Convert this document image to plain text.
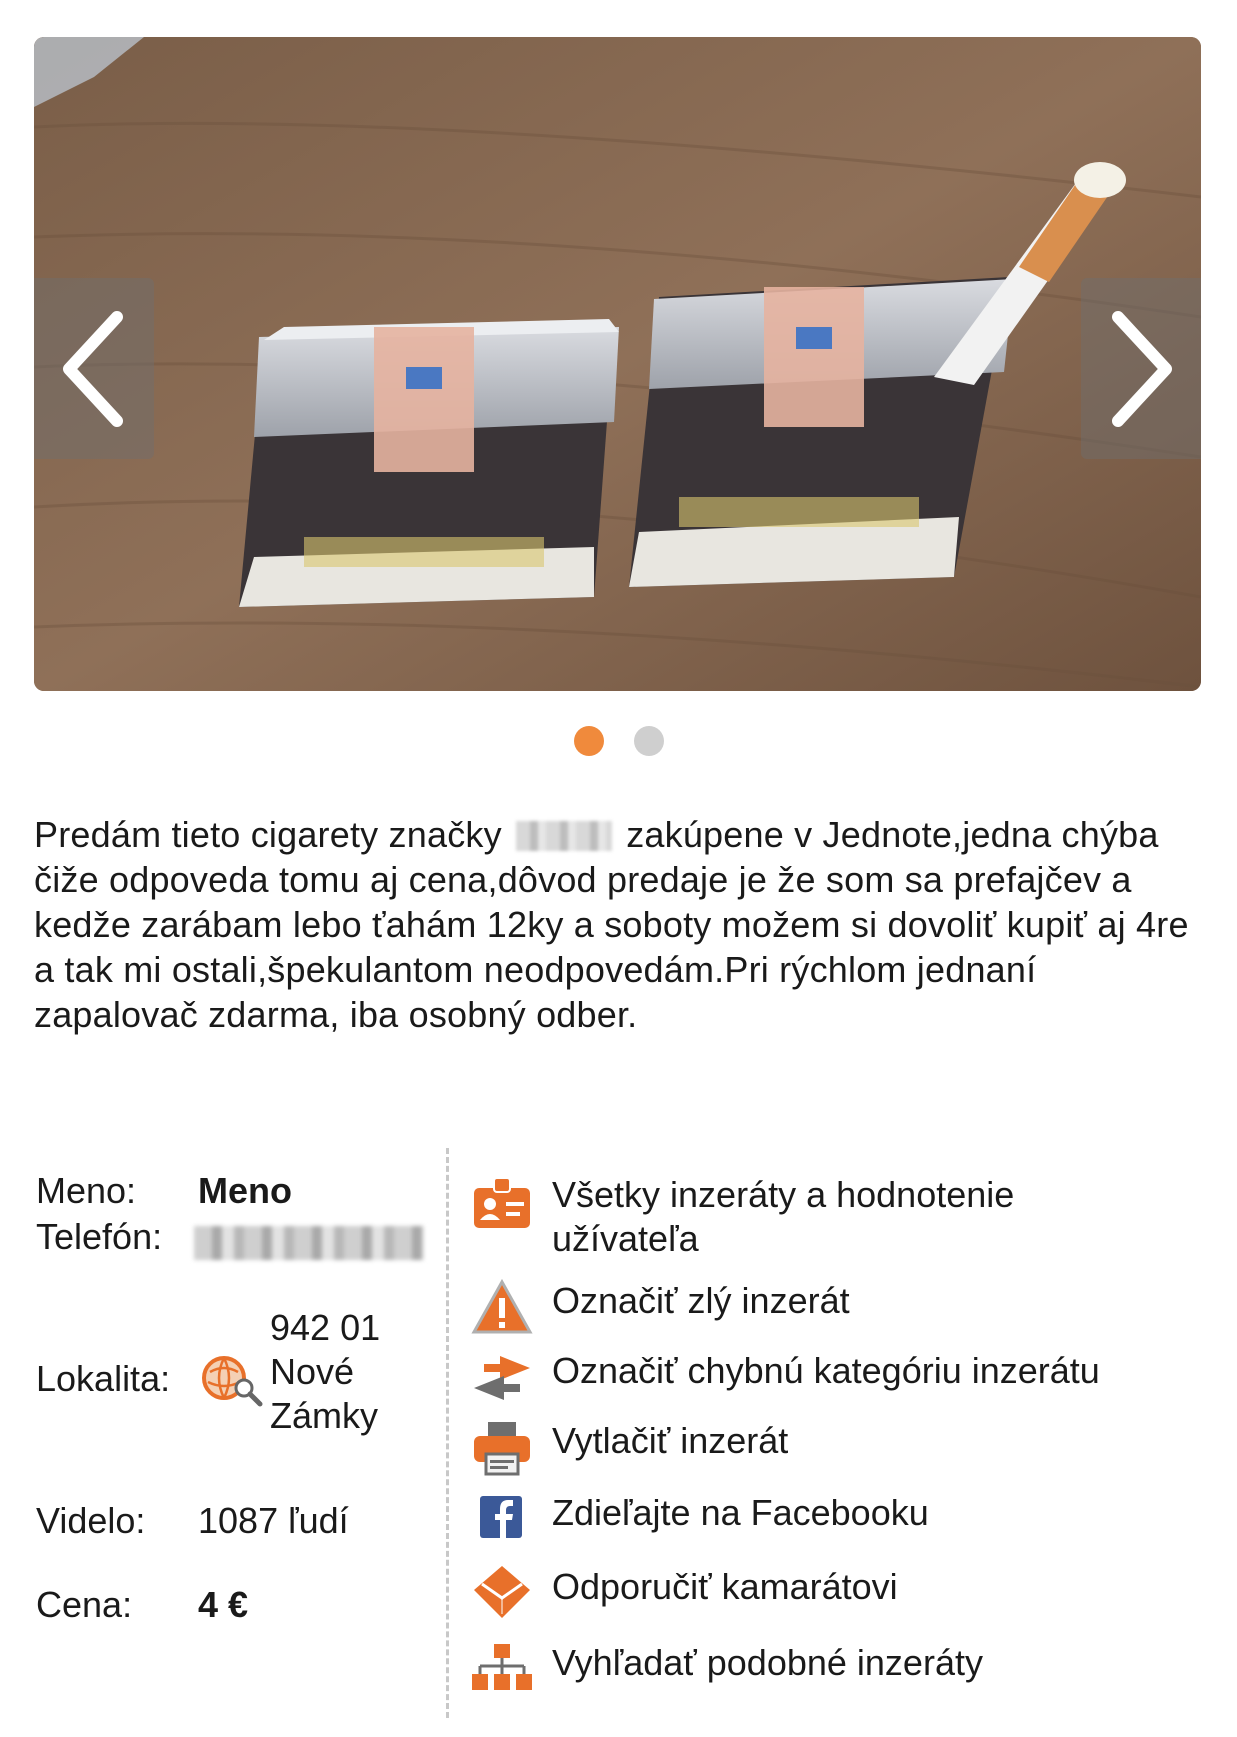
Predám tieto cigarety značky	zakúpene v Jednote,jedna chýba čiže odpoveda tomu aj cena,dôvod predaje je že som sa prefajčev a kedže zarábam lebo ťahám 12ky a soboty možem si dovoliť kupiť aj 4re a tak mi ostali,špekulantom neodpovedám.Pri rýchlom jednaní zapalovač zdarma, iba osobný odber.
Meno: Meno
Telefón:
Lokalita:
942 01
Nové
Zámky
Videlo: 1087 ľudí
Cena: 4 €
Všetky inzeráty a hodnotenie
užívateľa
Označiť zlý inzerát
Označiť chybnú kategóriu inzerátu
Vytlačiť inzerát
Zdieľajte na Facebooku
Odporučiť kamarátovi
Vyhľadať podobné inzeráty
